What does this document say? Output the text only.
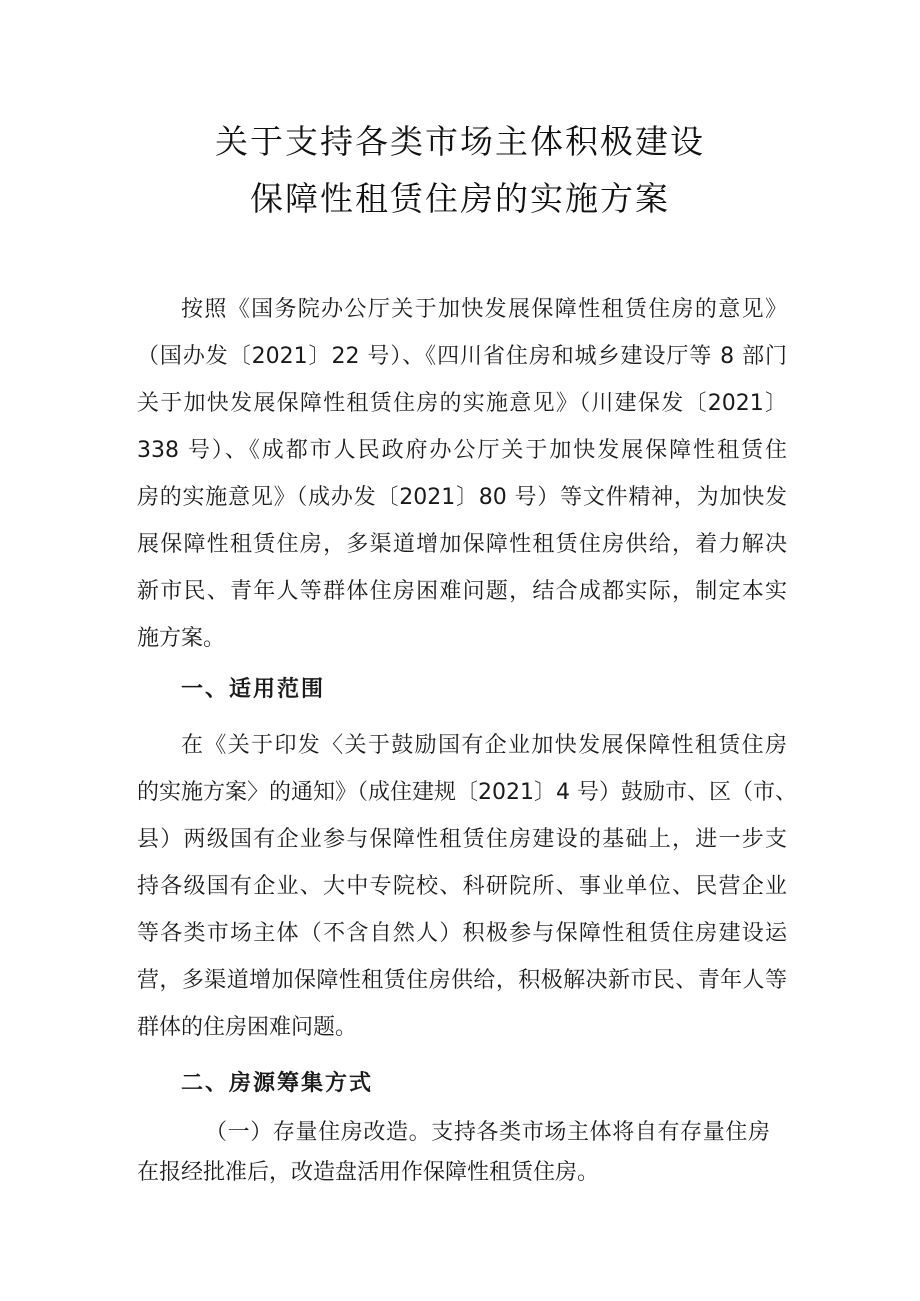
关于支持各类市场主体积极建设
保障性租赁住房的实施方案
按照《国务院办公厅关于加快发展保障性租赁住房的意见》
（国办发〔2021〕22 号）、《四川省住房和城乡建设厅等 8 部门
关于加快发展保障性租赁住房的实施意见》（川建保发〔2021〕
338 号）、《成都市人民政府办公厅关于加快发展保障性租赁住
房的实施意见》（成办发〔2021〕80 号）等文件精神，为加快发
展保障性租赁住房，多渠道增加保障性租赁住房供给，着力解决
新市民、青年人等群体住房困难问题，结合成都实际，制定本实
施方案。
一、适用范围
在《关于印发〈关于鼓励国有企业加快发展保障性租赁住房
的实施方案〉的通知》（成住建规〔2021〕4 号）鼓励市、区（市、
县）两级国有企业参与保障性租赁住房建设的基础上，进一步支
持各级国有企业、大中专院校、科研院所、事业单位、民营企业
等各类市场主体（不含自然人）积极参与保障性租赁住房建设运
营，多渠道增加保障性租赁住房供给，积极解决新市民、青年人等
群体的住房困难问题。
二、房源筹集方式
（一）存量住房改造。支持各类市场主体将自有存量住房
在报经批准后，改造盘活用作保障性租赁住房。
